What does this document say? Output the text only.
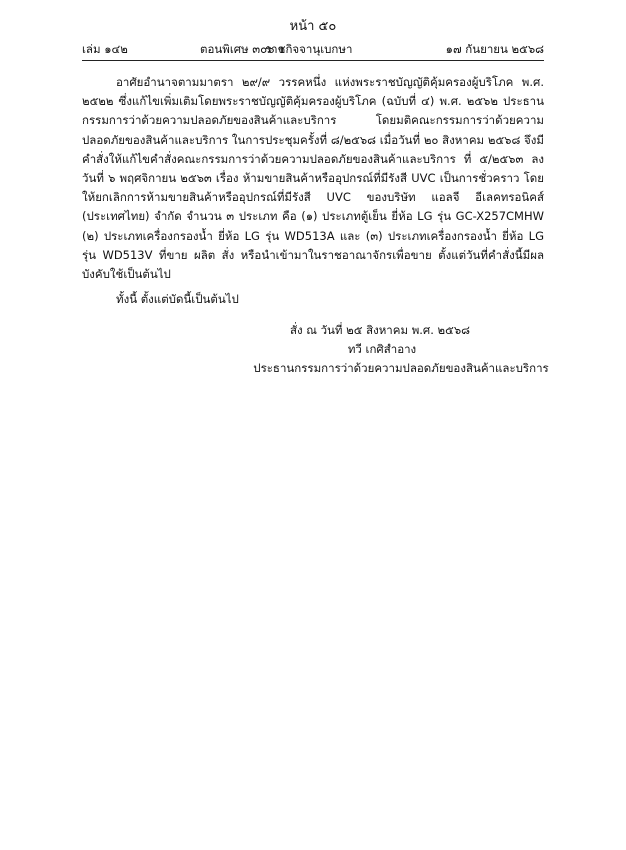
หน้า ๕๐
เล่ม ๑๔๒	ตอนพิเศษ ๓๐๖ ง
ราชกิจจานุเบกษา	๑๗ กันยายน ๒๕๖๘

อาศัยอำนาจตามมาตรา ๒๙/๙ วรรคหนึ่ง แห่งพระราชบัญญัติคุ้มครองผู้บริโภค พ.ศ. ๒๕๒๒ ซึ่งแก้ไขเพิ่มเติมโดยพระราชบัญญัติคุ้มครองผู้บริโภค (ฉบับที่ ๔) พ.ศ. ๒๕๖๒ ประธานกรรมการว่าด้วยความปลอดภัยของสินค้าและบริการ โดยมติคณะกรรมการว่าด้วยความปลอดภัยของสินค้าและบริการ ในการประชุมครั้งที่ ๘/๒๕๖๘ เมื่อวันที่ ๒๐ สิงหาคม ๒๕๖๘ จึงมีคำสั่งให้แก้ไขคำสั่งคณะกรรมการว่าด้วยความปลอดภัยของสินค้าและบริการ ที่ ๕/๒๕๖๓ ลงวันที่ ๖ พฤศจิกายน ๒๕๖๓ เรื่อง ห้ามขายสินค้าหรืออุปกรณ์ที่มีรังสี UVC เป็นการชั่วคราว โดยให้ยกเลิกการห้ามขายสินค้าหรืออุปกรณ์ที่มีรังสี UVC ของบริษัท แอลจี อีเลคทรอนิคส์ (ประเทศไทย) จำกัด จำนวน ๓ ประเภท คือ (๑) ประเภทตู้เย็น ยี่ห้อ LG รุ่น GC-X257CMHW (๒) ประเภทเครื่องกรองน้ำ ยี่ห้อ LG รุ่น WD513A และ (๓) ประเภทเครื่องกรองน้ำ ยี่ห้อ LG รุ่น WD513V ที่ขาย ผลิต สั่ง หรือนำเข้ามาในราชอาณาจักรเพื่อขาย ตั้งแต่วันที่คำสั่งนี้มีผลบังคับใช้เป็นต้นไป

ทั้งนี้ ตั้งแต่บัดนี้เป็นต้นไป

สั่ง ณ วันที่ ๒๕ สิงหาคม พ.ศ. ๒๕๖๘
ทวี เกศิสำอาง
ประธานกรรมการว่าด้วยความปลอดภัยของสินค้าและบริการ
